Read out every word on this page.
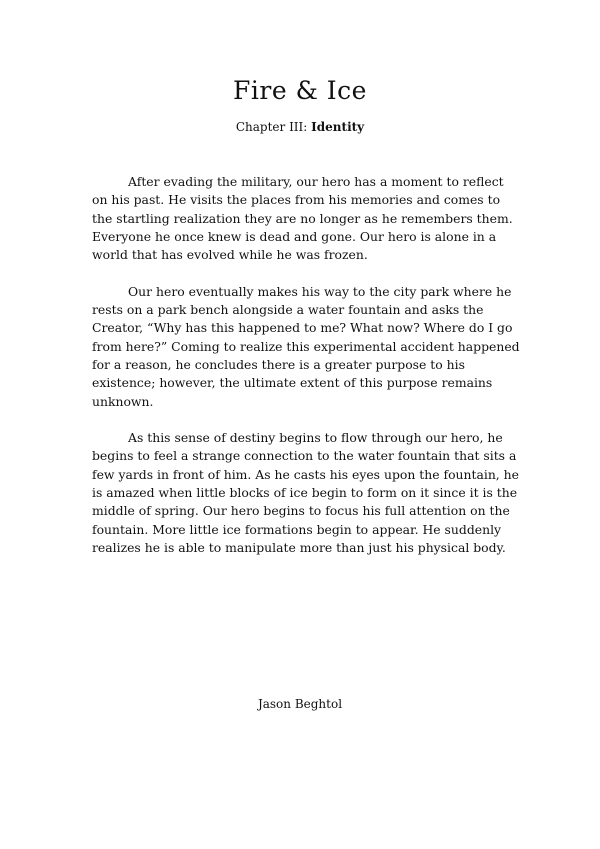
Fire & Ice
Chapter III: Identity

After evading the military, our hero has a moment to reflect on his past. He visits the places from his memories and comes to the startling realization they are no longer as he remembers them. Everyone he once knew is dead and gone. Our hero is alone in a world that has evolved while he was frozen.

Our hero eventually makes his way to the city park where he rests on a park bench alongside a water fountain and asks the Creator, “Why has this happened to me? What now? Where do I go from here?” Coming to realize this experimental accident happened for a reason, he concludes there is a greater purpose to his existence; however, the ultimate extent of this purpose remains unknown.

As this sense of destiny begins to flow through our hero, he begins to feel a strange connection to the water fountain that sits a few yards in front of him. As he casts his eyes upon the fountain, he is amazed when little blocks of ice begin to form on it since it is the middle of spring. Our hero begins to focus his full attention on the fountain. More little ice formations begin to appear. He suddenly realizes he is able to manipulate more than just his physical body.

Jason Beghtol
